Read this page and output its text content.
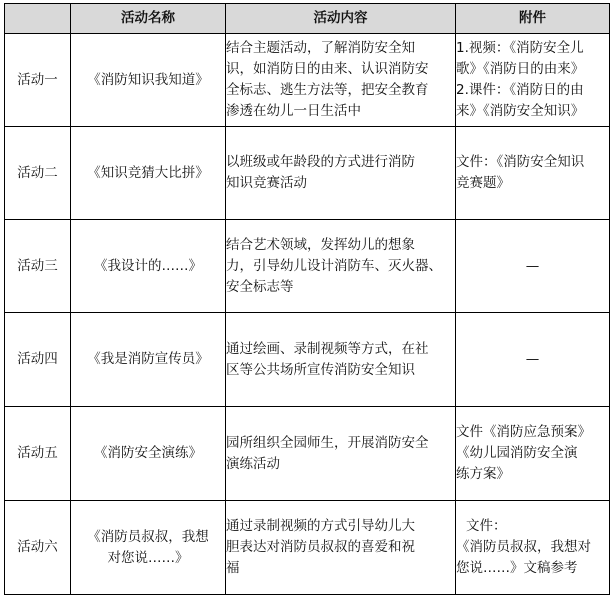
	活动名称	活动内容	附件
活动一	《消防知识我知道》	结合主题活动，了解消防安全知
识，如消防日的由来、认识消防安
全标志、逃生方法等，把安全教育
渗透在幼儿一日生活中	1.视频：《消防安全儿
歌》《消防日的由来》
2.课件：《消防日的由
来》《消防安全知识》

活动二	《知识竞猜大比拼》	以班级或年龄段的方式进行消防
知识竞赛活动	文件：《消防安全知识
竞赛题》

活动三	《我设计的……》	结合艺术领域，发挥幼儿的想象
力，引导幼儿设计消防车、灭火器、
安全标志等	—

活动四	《我是消防宣传员》	通过绘画、录制视频等方式，在社
区等公共场所宣传消防安全知识	—

活动五	《消防安全演练》	园所组织全园师生，开展消防安全
演练活动	文件《消防应急预案》
《幼儿园消防安全演
练方案》

活动六	《消防员叔叔，我想
对您说……》	通过录制视频的方式引导幼儿大
胆表达对消防员叔叔的喜爱和祝
福	文件：
《消防员叔叔，我想对
您说……》文稿参考
